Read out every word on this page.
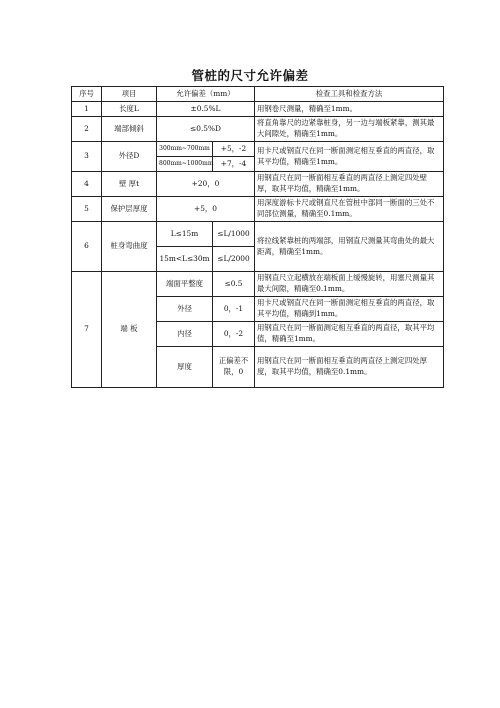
管桩的尺寸允许偏差
序号	项目	允许偏差（mm）		检查工具和检查方法
1	长度L	±0.5%L		用钢卷尺测量，精确至1mm。
2	端部倾斜	≤0.5%D		将直角靠尺的边紧靠桩身，另一边与端板紧靠，测其最大间隙处，精确至1mm。
3	外径D	300mm~700mm	+5，-2	用卡尺或钢直尺在同一断面测定相互垂直的两直径，取其平均值，精确至1mm。
		800mm~1000mm	+7，-4	
4	壁 厚t	+20，0		用钢直尺在同一断面相互垂直的两直径上测定四处壁厚，取其平均值，精确至1mm。
5	保护层厚度	+5，0		用深度游标卡尺或钢直尺在管桩中部同一断面的三处不同部位测量，精确至0.1mm。
6	桩身弯曲度	L≤15m	≤L/1000	将拉线紧靠桩的两端部，用钢直尺测量其弯曲处的最大距离，精确至1mm。
		15m<L≤30m	≤L/2000	
7	端 板	端面平整度	≤0.5	用钢直尺立起横放在端板面上缓慢旋转，用塞尺测量其最大间隙，精确至0.1mm。
		外径	0，-1	用卡尺或钢直尺在同一断面测定相互垂直的两直径，取其平均值，精确到1mm。
		内径	0，-2	用钢直尺在同一断面测定相互垂直的两直径，取其平均值，精确至1mm。
		厚度	正偏差不限，0	用钢直尺在同一断面相互垂直的两直径上测定四处厚度，取其平均值，精确至0.1mm。
